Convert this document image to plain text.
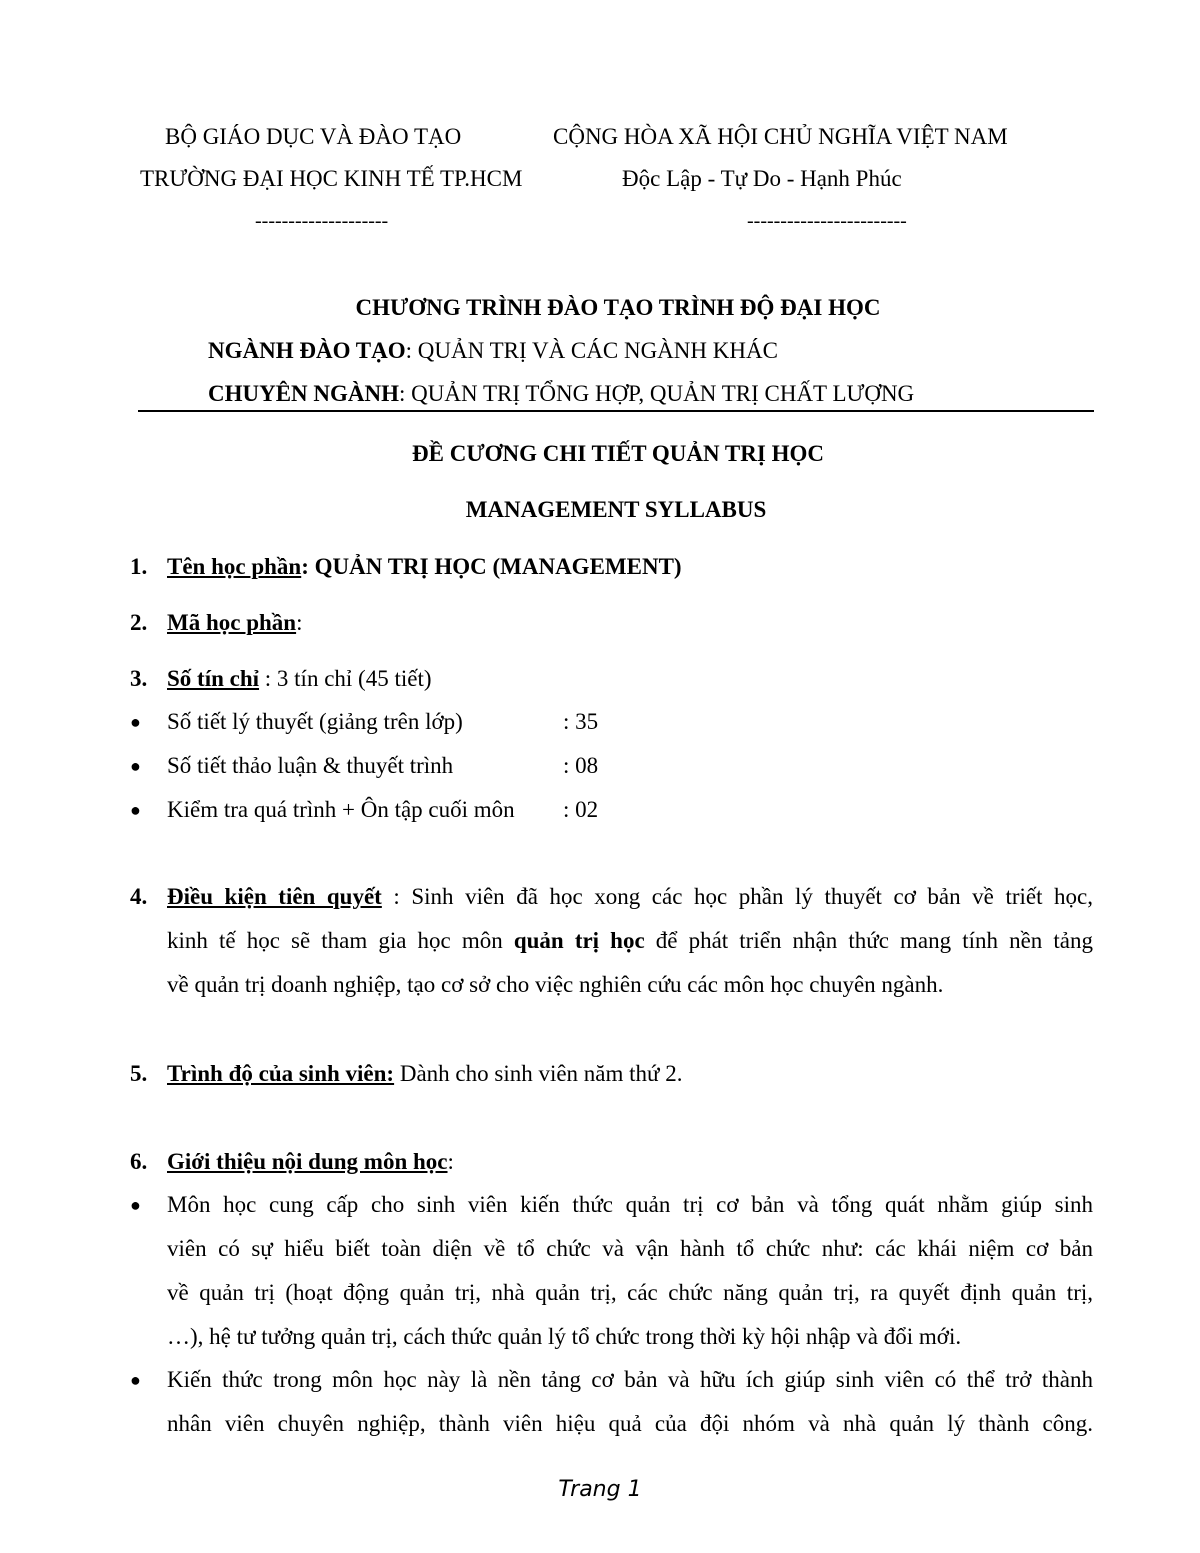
BỘ GIÁO DỤC VÀ ĐÀO TẠO
TRƯỜNG ĐẠI HỌC KINH TẾ TP.HCM
--------------------
CỘNG HÒA XÃ HỘI CHỦ NGHĨA VIỆT NAM
Độc Lập - Tự Do - Hạnh Phúc
------------------------
CHƯƠNG TRÌNH ĐÀO TẠO TRÌNH ĐỘ ĐẠI HỌC
NGÀNH ĐÀO TẠO: QUẢN TRỊ VÀ CÁC NGÀNH KHÁC
CHUYÊN NGÀNH: QUẢN TRỊ TỔNG HỢP, QUẢN TRỊ CHẤT LƯỢNG
ĐỀ CƯƠNG CHI TIẾT QUẢN TRỊ HỌC
MANAGEMENT SYLLABUS
1. Tên học phần: QUẢN TRỊ HỌC (MANAGEMENT)
2. Mã học phần:
3. Số tín chỉ : 3 tín chỉ (45 tiết)
● Số tiết lý thuyết (giảng trên lớp)	: 35
● Số tiết thảo luận & thuyết trình	: 08
● Kiểm tra quá trình + Ôn tập cuối môn : 02
4. Điều kiện tiên quyết : Sinh viên đã học xong các học phần lý thuyết cơ bản về triết học,
kinh tế học sẽ tham gia học môn quản trị học để phát triển nhận thức mang tính nền tảng
về quản trị doanh nghiệp, tạo cơ sở cho việc nghiên cứu các môn học chuyên ngành.
5. Trình độ của sinh viên: Dành cho sinh viên năm thứ 2.
6. Giới thiệu nội dung môn học:
● Môn học cung cấp cho sinh viên kiến thức quản trị cơ bản và tổng quát nhằm giúp sinh
viên có sự hiểu biết toàn diện về tổ chức và vận hành tổ chức như: các khái niệm cơ bản
về quản trị (hoạt động quản trị, nhà quản trị, các chức năng quản trị, ra quyết định quản trị,
…), hệ tư tưởng quản trị, cách thức quản lý tổ chức trong thời kỳ hội nhập và đổi mới.
● Kiến thức trong môn học này là nền tảng cơ bản và hữu ích giúp sinh viên có thể trở thành
nhân viên chuyên nghiệp, thành viên hiệu quả của đội nhóm và nhà quản lý thành công.
Trang 1
